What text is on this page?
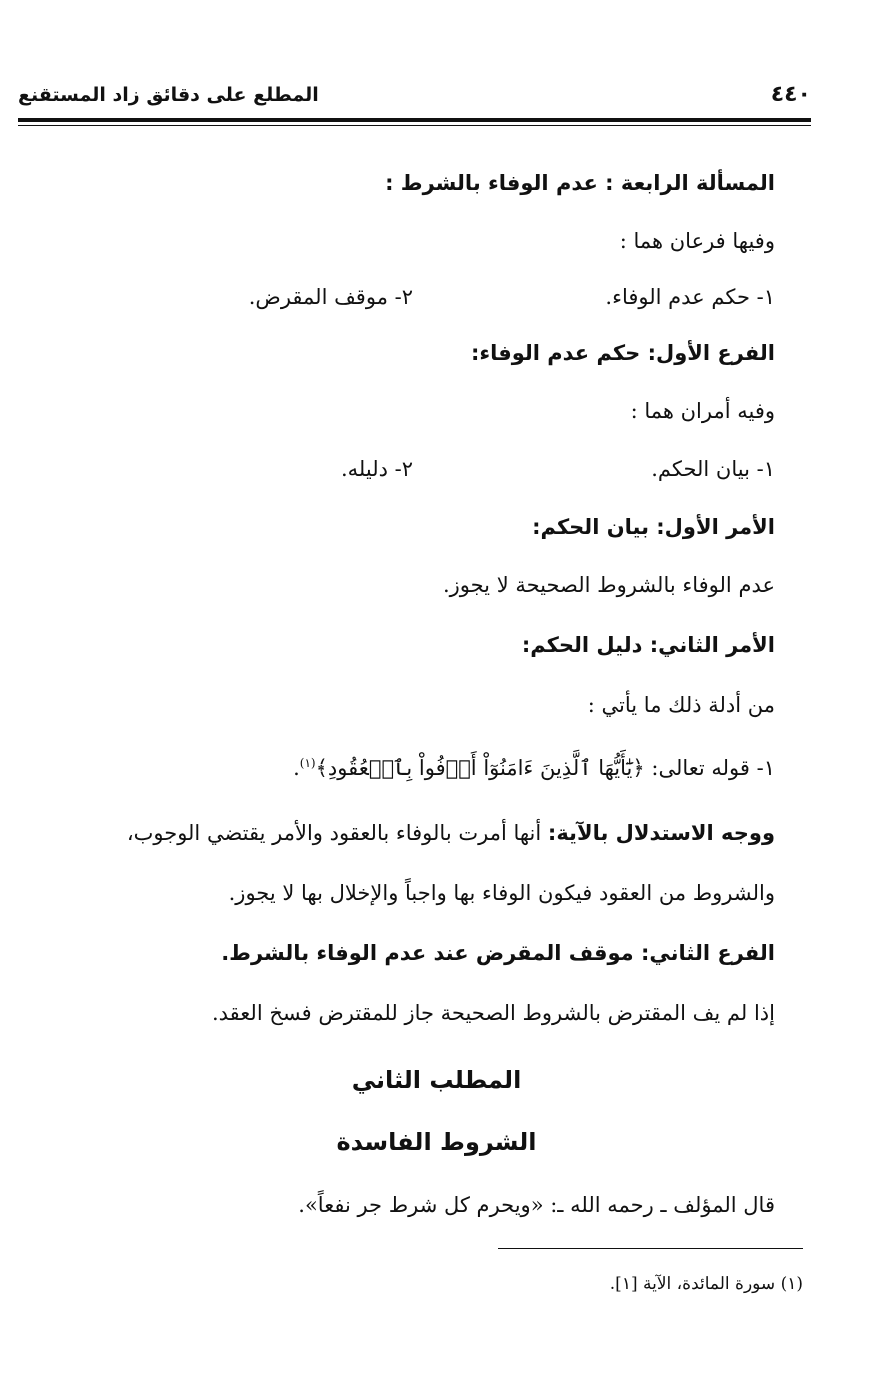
٤٤٠
المطلع على دقائق زاد المستقنع
المسألة الرابعة : عدم الوفاء بالشرط :
وفيها فرعان هما :
١- حكم عدم الوفاء.
٢- موقف المقرض.
الفرع الأول: حكم عدم الوفاء:
وفيه أمران هما :
١- بيان الحكم.
٢- دليله.
الأمر الأول: بيان الحكم:
عدم الوفاء بالشروط الصحيحة لا يجوز.
الأمر الثاني: دليل الحكم:
من أدلة ذلك ما يأتي :
١- قوله تعالى: ﴿يَٰٓأَيُّهَا ٱلَّذِينَ ءَامَنُوٓاْ أَوۡفُواْ بِٱلۡعُقُودِ﴾$^{(١)}$.
ووجه الاستدلال بالآية: أنها أمرت بالوفاء بالعقود والأمر يقتضي الوجوب،
والشروط من العقود فيكون الوفاء بها واجباً والإخلال بها لا يجوز.
الفرع الثاني: موقف المقرض عند عدم الوفاء بالشرط.
إذا لم يف المقترض بالشروط الصحيحة جاز للمقترض فسخ العقد.
المطلب الثاني
الشروط الفاسدة
قال المؤلف ـ رحمه الله ـ: «ويحرم كل شرط جر نفعاً».
(١) سورة المائدة، الآية [١].
